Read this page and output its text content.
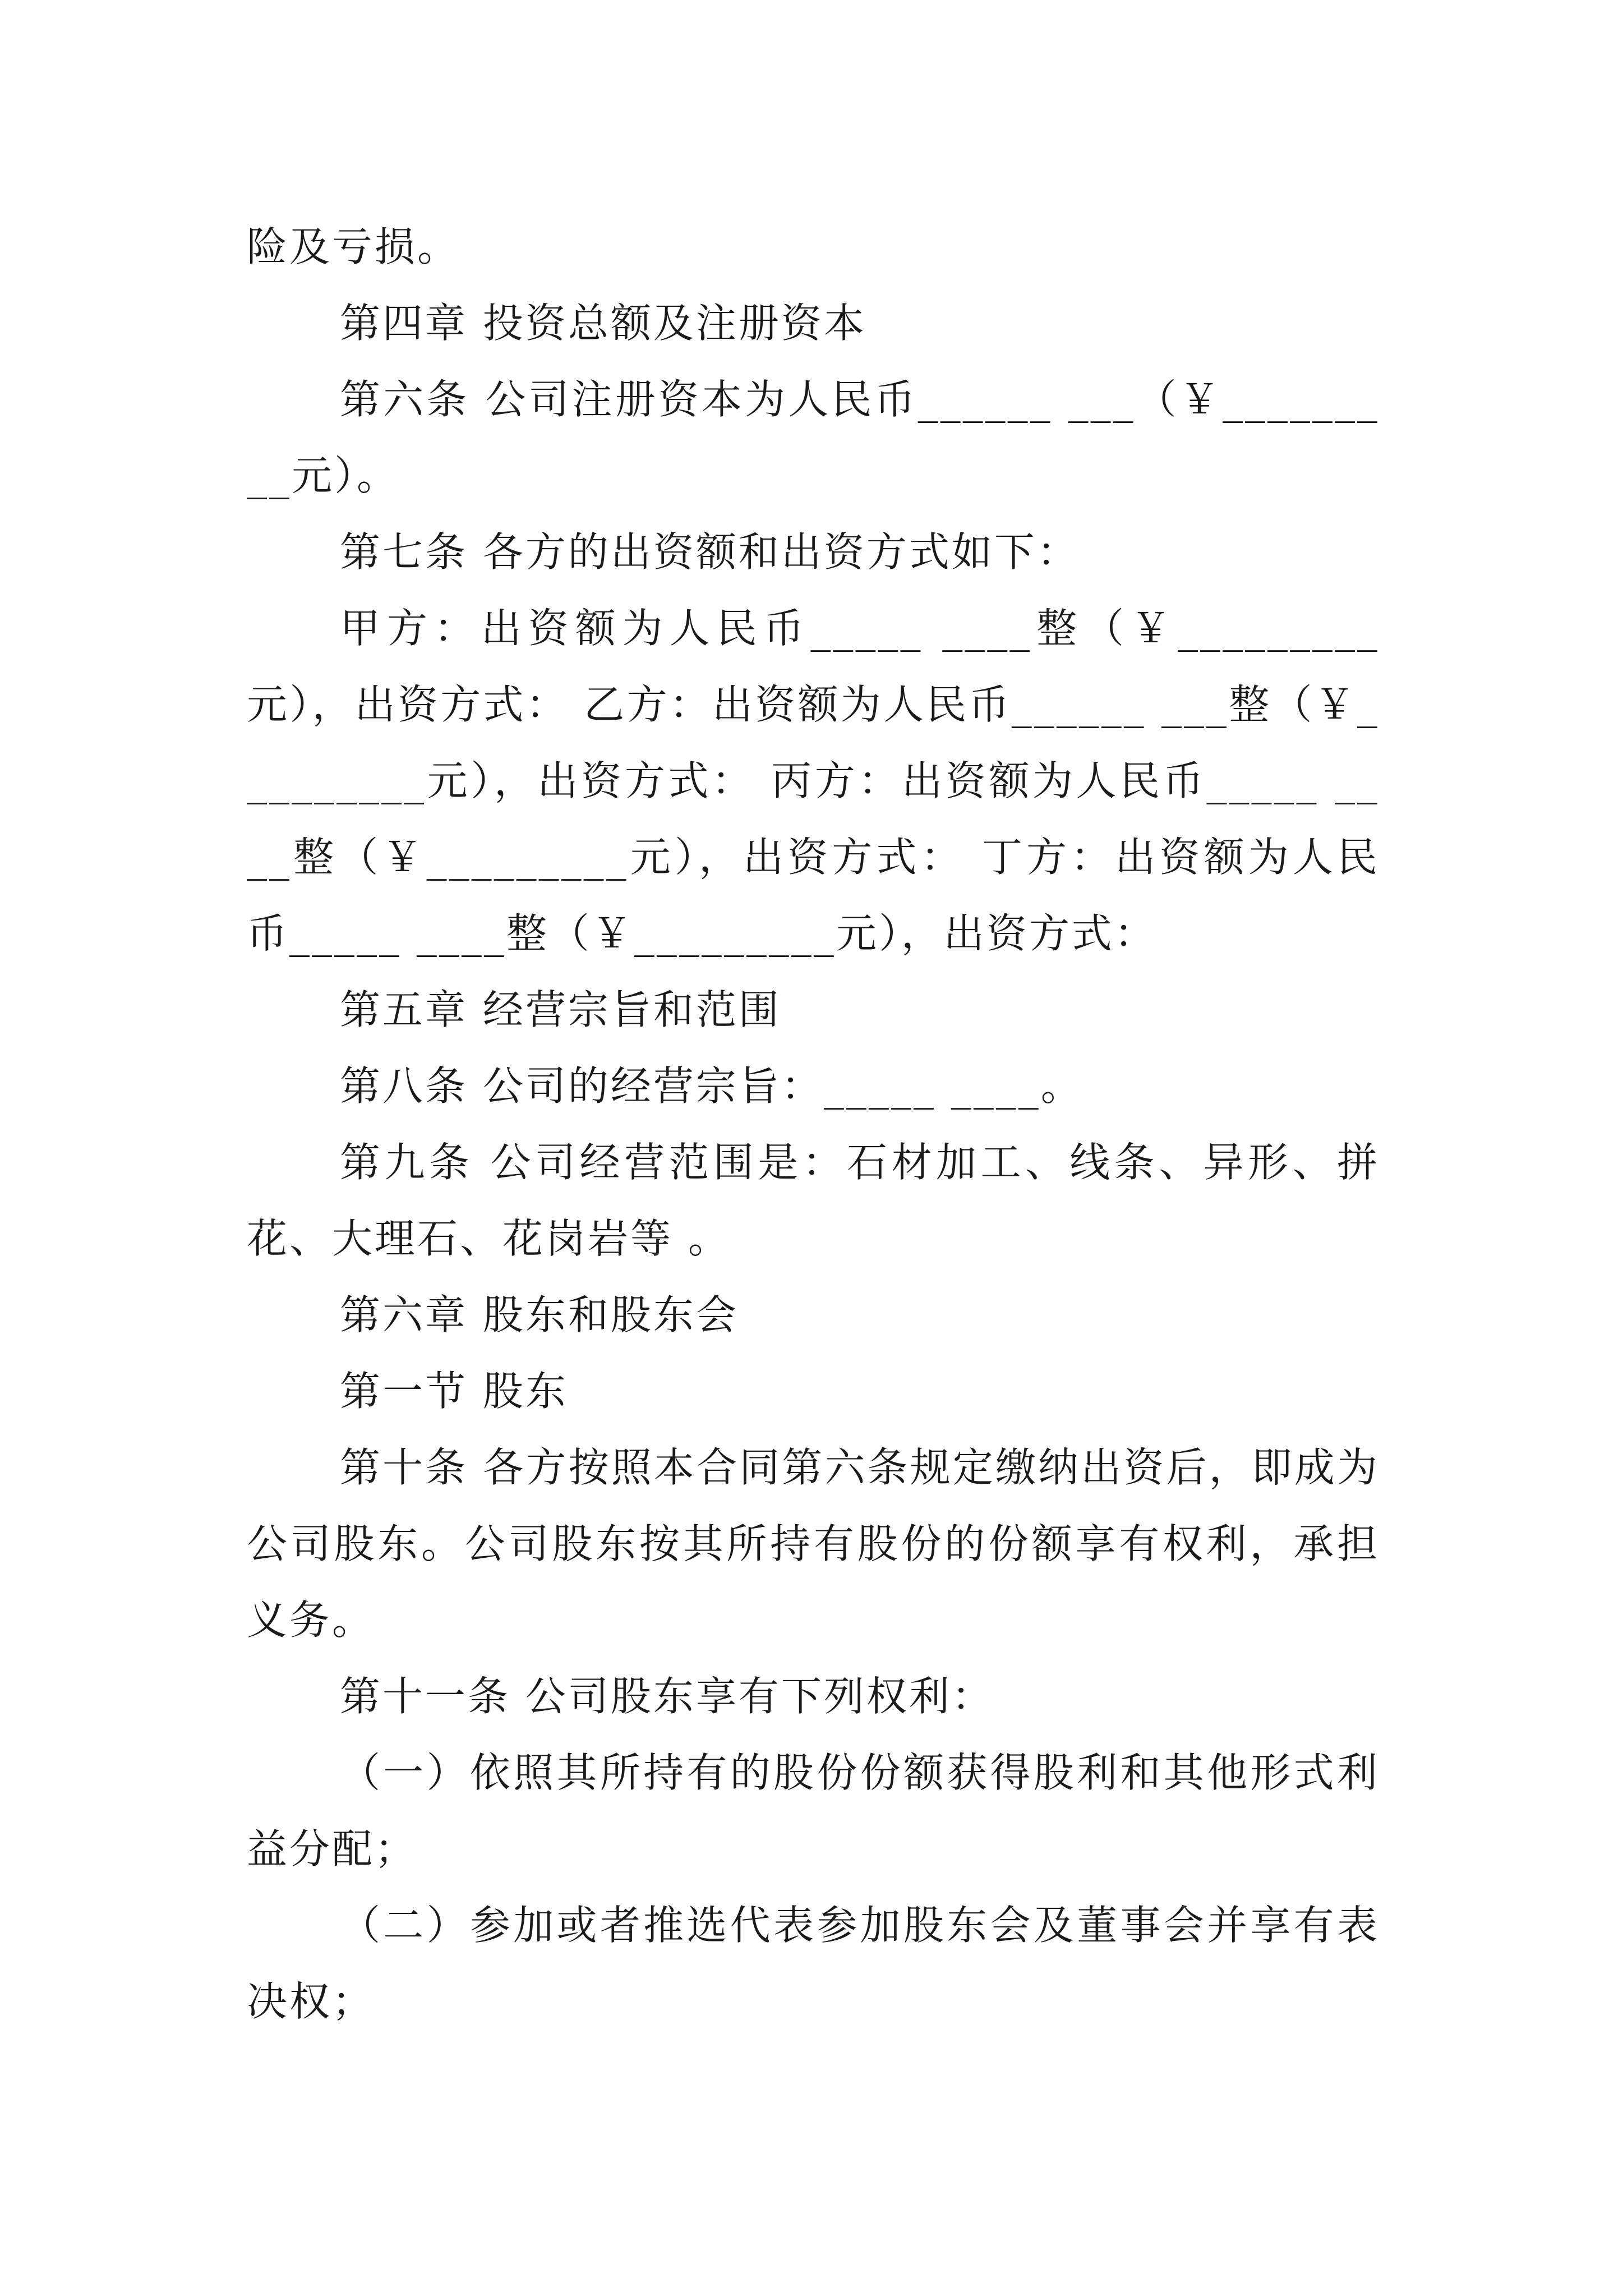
险及亏损。

第四章 投资总额及注册资本

第六条 公司注册资本为人民币______ ___（￥_______ __元）。

第七条 各方的出资额和出资方式如下：

甲方：出资额为人民币_____ ____整（￥_________元），出资方式： 乙方：出资额为人民币______ ___整（￥_________元），出资方式： 丙方：出资额为人民币_____ ____整（￥_________元），出资方式： 丁方：出资额为人民币_____ ____整（￥_________元），出资方式：

第五章 经营宗旨和范围

第八条 公司的经营宗旨：_____ ____。

第九条 公司经营范围是：石材加工、线条、异形、拼花、大理石、花岗岩等 。

第六章 股东和股东会

第一节 股东

第十条 各方按照本合同第六条规定缴纳出资后，即成为公司股东。公司股东按其所持有股份的份额享有权利，承担义务。

第十一条 公司股东享有下列权利：

（一）依照其所持有的股份份额获得股利和其他形式利益分配；

（二）参加或者推选代表参加股东会及董事会并享有表决权；
